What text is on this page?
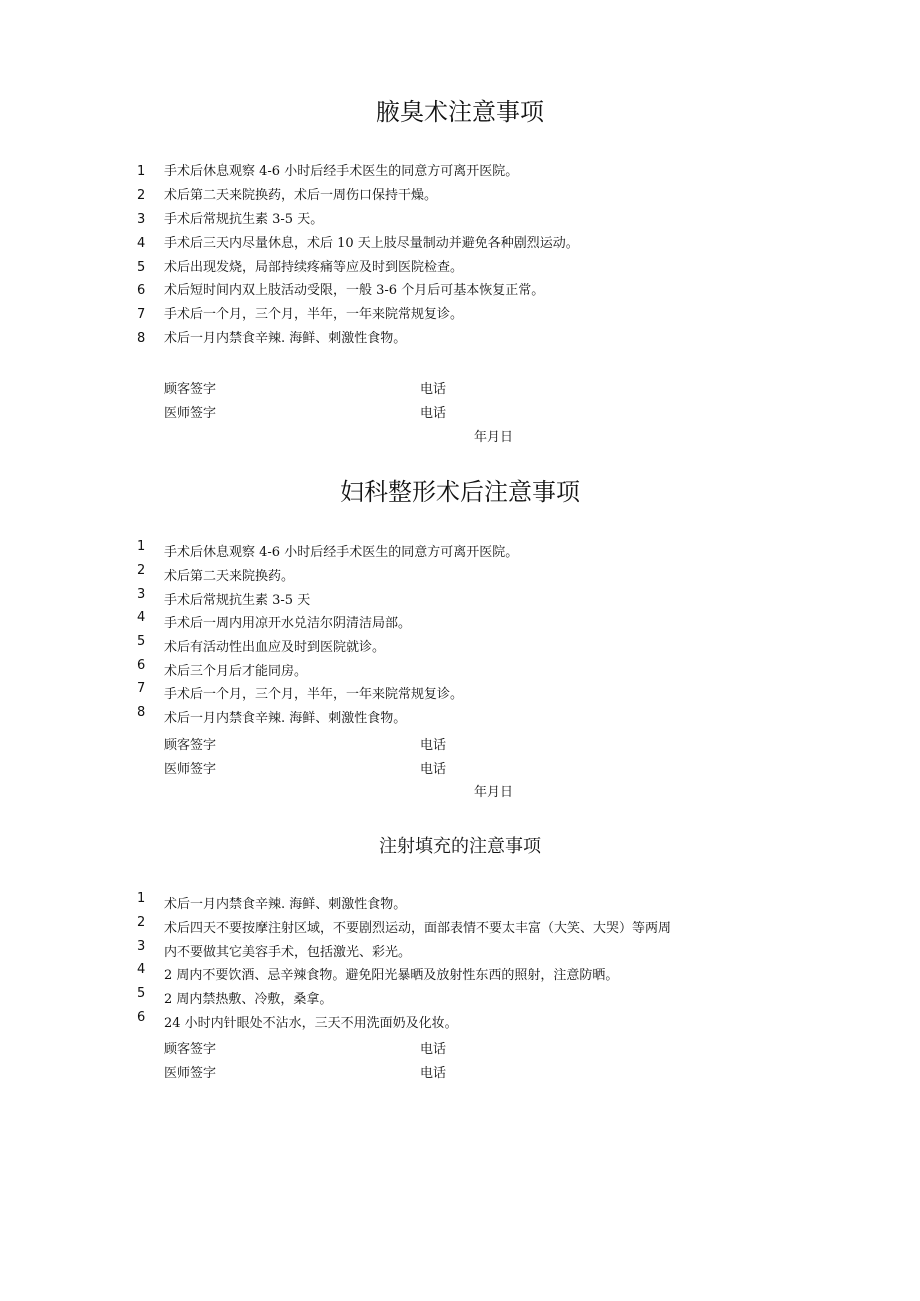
腋臭术注意事项
1 手术后休息观察 4-6 小时后经手术医生的同意方可离开医院。
2 术后第二天来院换药，术后一周伤口保持干燥。
3 手术后常规抗生素 3-5 天。
4 手术后三天内尽量休息，术后 10 天上肢尽量制动并避免各种剧烈运动。
5 术后出现发烧，局部持续疼痛等应及时到医院检查。
6 术后短时间内双上肢活动受限，一般 3-6 个月后可基本恢复正常。
7 手术后一个月，三个月，半年，一年来院常规复诊。
8 术后一月内禁食辛辣. 海鲜、刺激性食物。
顾客签字	电话
医师签字	电话
年月日
妇科整形术后注意事项
1 手术后休息观察 4-6 小时后经手术医生的同意方可离开医院。
2 术后第二天来院换药。
3 手术后常规抗生素 3-5 天
4 手术后一周内用凉开水兑洁尔阴清洁局部。
5 术后有活动性出血应及时到医院就诊。
6 术后三个月后才能同房。
7 手术后一个月，三个月，半年，一年来院常规复诊。
8 术后一月内禁食辛辣. 海鲜、刺激性食物。
顾客签字	电话
医师签字	电话
年月日
注射填充的注意事项
1 术后一月内禁食辛辣. 海鲜、刺激性食物。
2 术后四天不要按摩注射区域，不要剧烈运动，面部表情不要太丰富（大笑、大哭）等两周
3 内不要做其它美容手术，包括激光、彩光。
4 2 周内不要饮酒、忌辛辣食物。避免阳光暴晒及放射性东西的照射，注意防晒。
5 2 周内禁热敷、冷敷，桑拿。
6 24 小时内针眼处不沾水，三天不用洗面奶及化妆。
顾客签字	电话
医师签字	电话
